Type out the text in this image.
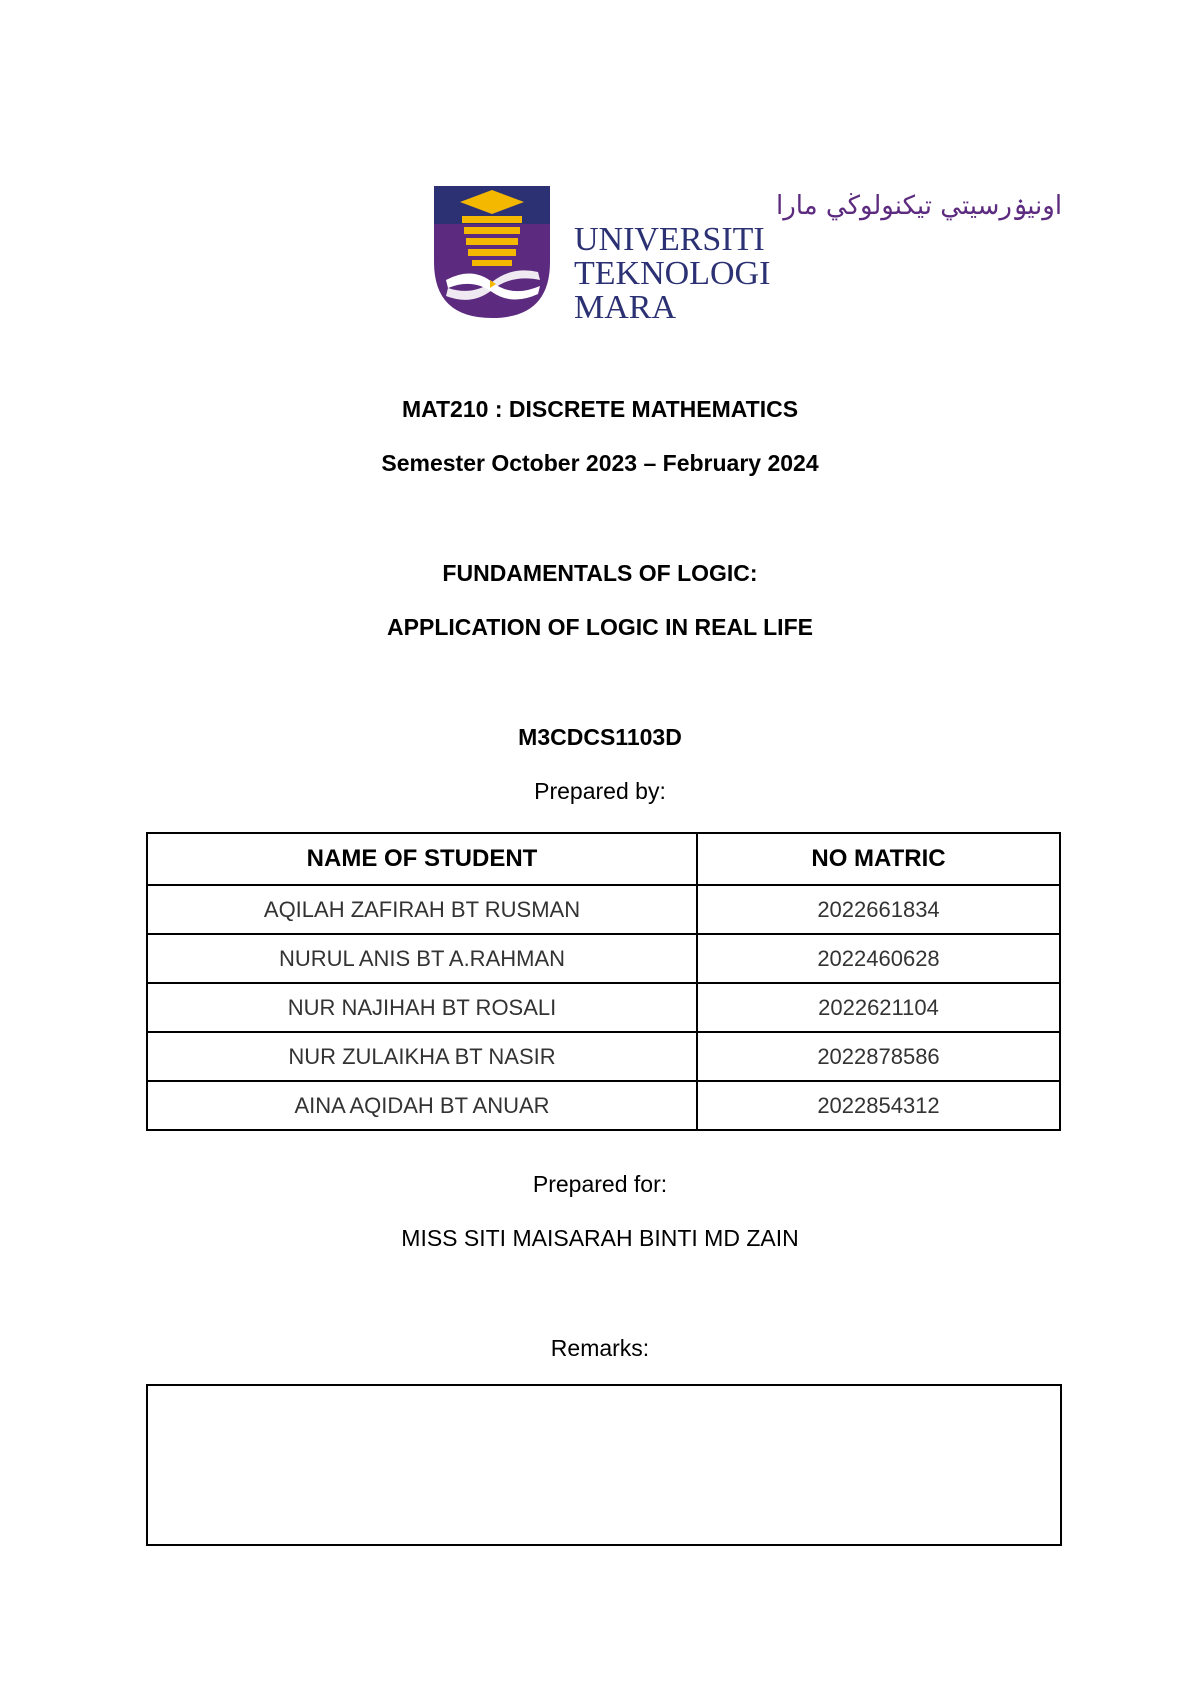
اونيۏرسيتي تيكنولوڬي مارا
UNIVERSITI
TEKNOLOGI
MARA
MAT210 : DISCRETE MATHEMATICS
Semester October 2023 – February 2024
FUNDAMENTALS OF LOGIC:
APPLICATION OF LOGIC IN REAL LIFE
M3CDCS1103D
Prepared by:
NAME OF STUDENT	NO MATRIC
AQILAH ZAFIRAH BT RUSMAN	2022661834
NURUL ANIS BT A.RAHMAN	2022460628
NUR NAJIHAH BT ROSALI	2022621104
NUR ZULAIKHA BT NASIR	2022878586
AINA AQIDAH BT ANUAR	2022854312
Prepared for:
MISS SITI MAISARAH BINTI MD ZAIN
Remarks:
